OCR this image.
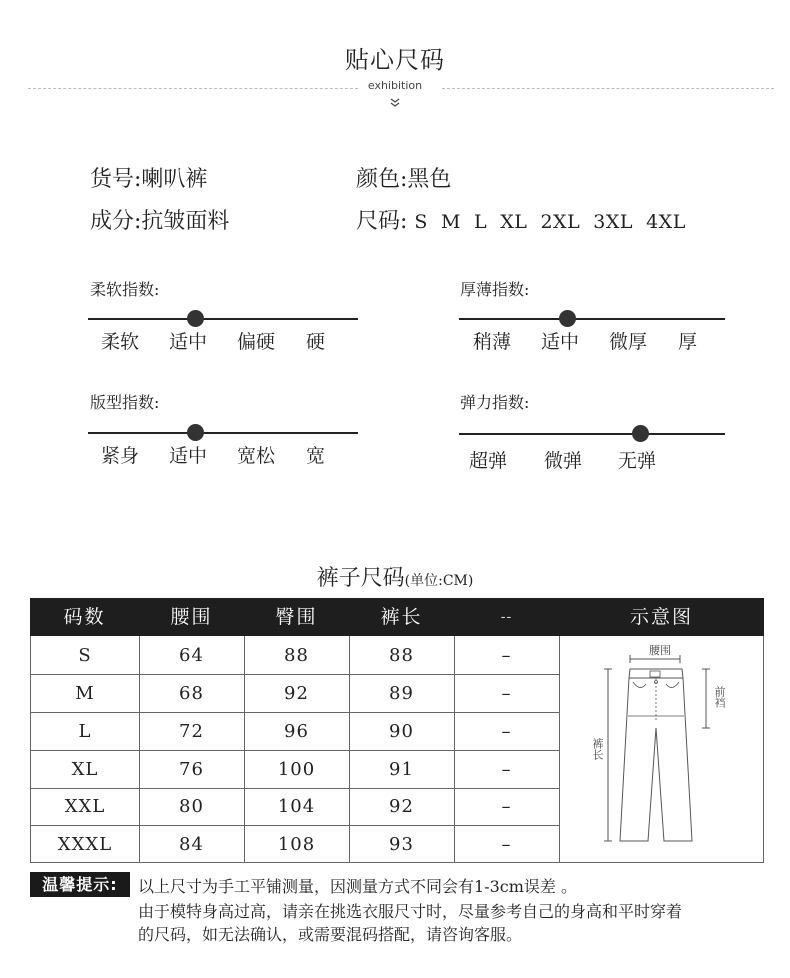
贴心尺码
exhibition
货号:喇叭裤	颜色:黑色
成分:抗皱面料	尺码: S  M  L  XL  2XL  3XL  4XL
柔软指数:
柔软 适中 偏硬 硬
厚薄指数:
稍薄 适中 微厚 厚
版型指数:
紧身 适中 宽松 宽
弹力指数:
超弹 微弹 无弹
裤子尺码(单位:CM)
码数	腰围	臀围	裤长	--	示意图
S	64	88	88	–
M	68	92	89	–
L	72	96	90	–
XL	76	100	91	–
XXL	80	104	92	–
XXXL	84	108	93	–
腰围
前裆
裤长
温馨提示:	以上尺寸为手工平铺测量，因测量方式不同会有1-3cm误差 。
由于模特身高过高，请亲在挑选衣服尺寸时，尽量参考自己的身高和平时穿着
的尺码，如无法确认，或需要混码搭配，请咨询客服。
